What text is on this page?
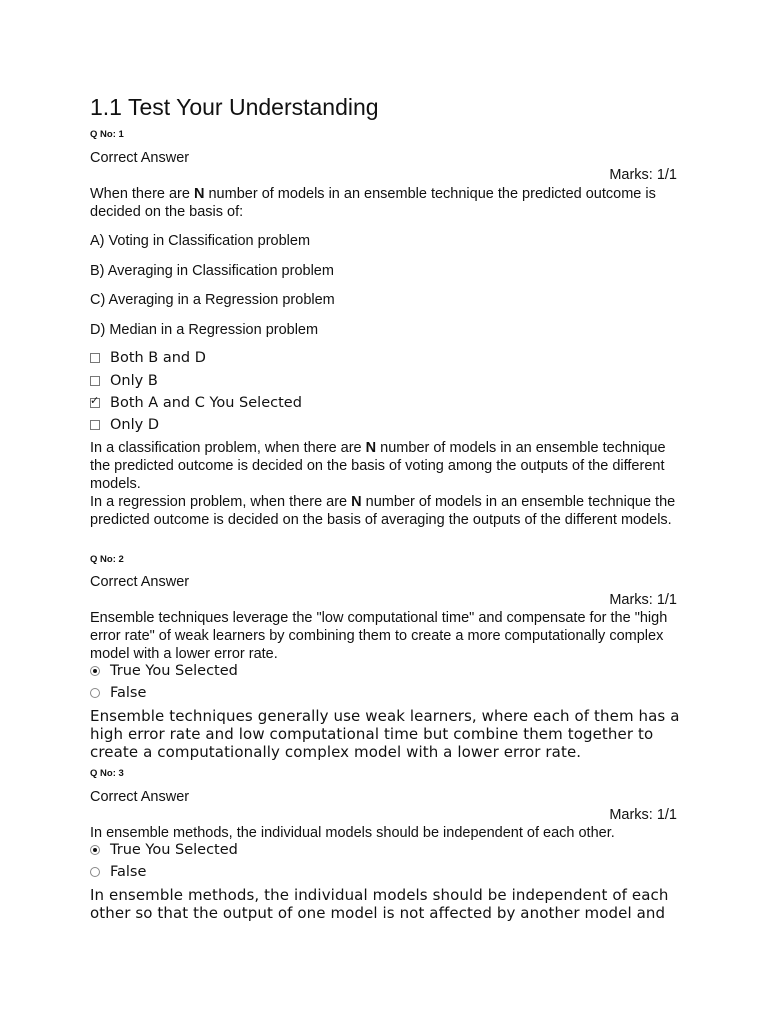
1.1 Test Your Understanding
Q No: 1
Correct Answer
Marks: 1/1
When there are N number of models in an ensemble technique the predicted outcome is decided on the basis of:
A) Voting in Classification problem
B) Averaging in Classification problem
C) Averaging in a Regression problem
D) Median in a Regression problem
Both B and D
Only B
✓ Both A and C You Selected
Only D
In a classification problem, when there are N number of models in an ensemble technique the predicted outcome is decided on the basis of voting among the outputs of the different models.
In a regression problem, when there are N number of models in an ensemble technique the predicted outcome is decided on the basis of averaging the outputs of the different models.
Q No: 2
Correct Answer
Marks: 1/1
Ensemble techniques leverage the "low computational time" and compensate for the "high error rate" of weak learners by combining them to create a more computationally complex model with a lower error rate.
True You Selected
False
Ensemble techniques generally use weak learners, where each of them has a high error rate and low computational time but combine them together to create a computationally complex model with a lower error rate.
Q No: 3
Correct Answer
Marks: 1/1
In ensemble methods, the individual models should be independent of each other.
True You Selected
False
In ensemble methods, the individual models should be independent of each other so that the output of one model is not affected by another model and
